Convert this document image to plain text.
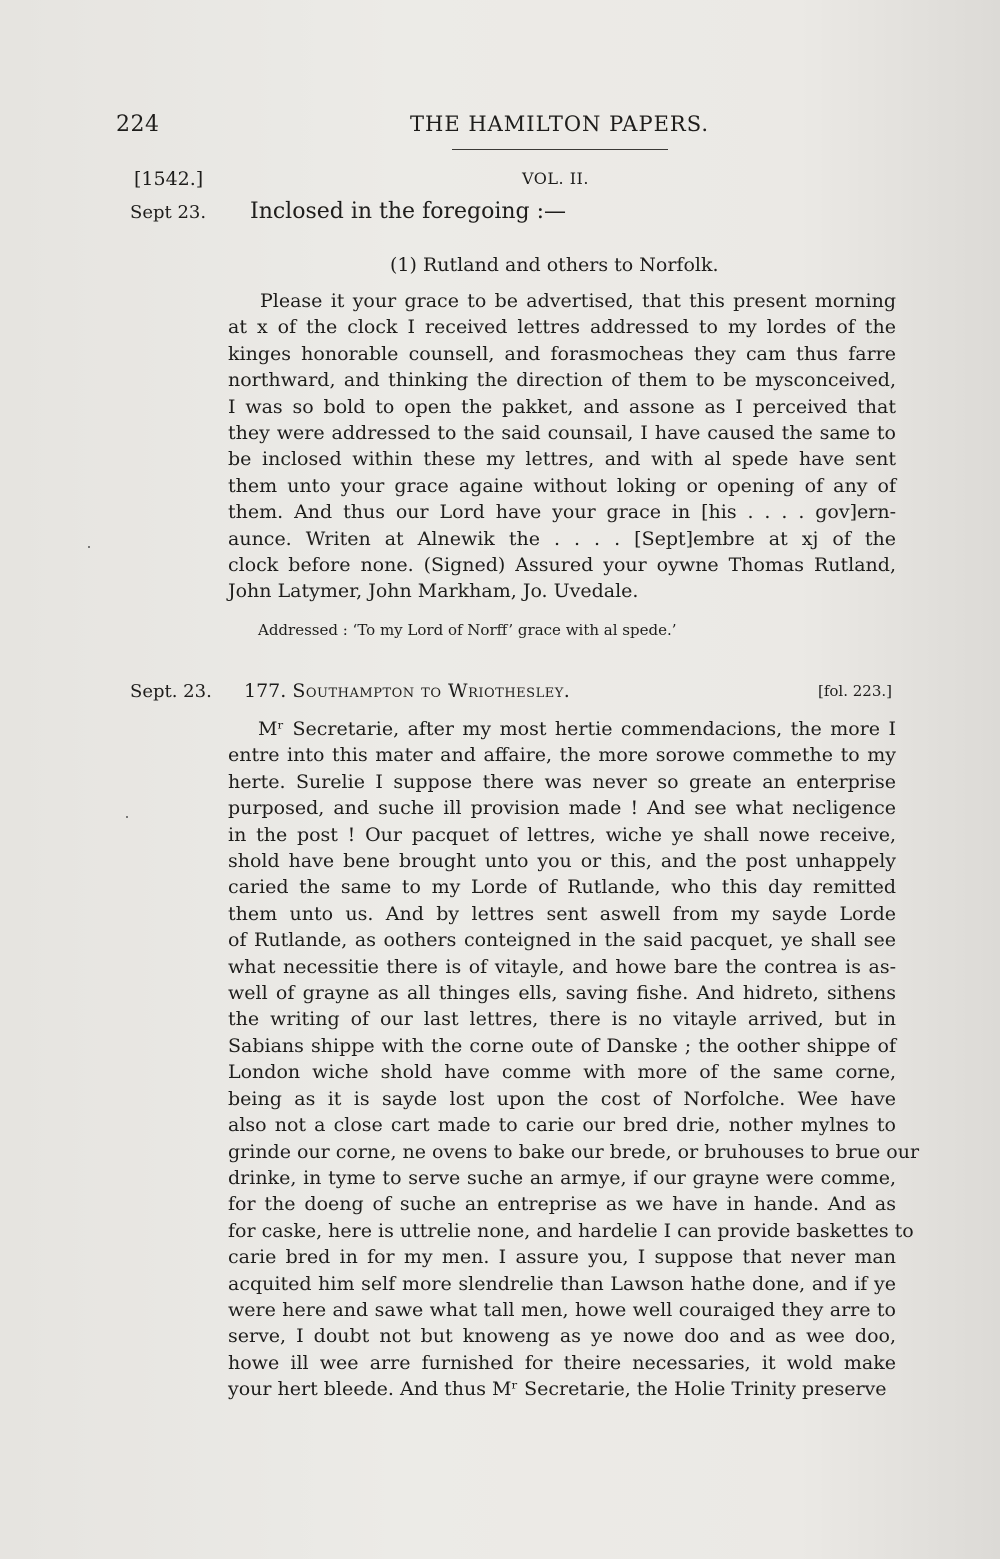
224	THE HAMILTON PAPERS.
[1542.]	VOL. II.
Sept 23. Inclosed in the foregoing :—
(1) Rutland and others to Norfolk.
Please it your grace to be advertised, that this present morning
at x of the clock I received lettres addressed to my lordes of the
kinges honorable counsell, and forasmocheas they cam thus farre
northward, and thinking the direction of them to be mysconceived,
I was so bold to open the pakket, and assone as I perceived that
they were addressed to the said counsail, I have caused the same to
be inclosed within these my lettres, and with al spede have sent
them unto your grace againe without loking or opening of any of
them. And thus our Lord have your grace in [his . . . . gov]ern-
aunce. Writen at Alnewik the . . . . [Sept]embre at xj of the
clock before none. (Signed) Assured your oywne Thomas Rutland,
John Latymer, John Markham, Jo. Uvedale.
Addressed : ‘To my Lord of Norff’ grace with al spede.’
Sept. 23. 177. Southampton to Wriothesley.	[fol. 223.]
Mʳ Secretarie, after my most hertie commendacions, the more I
entre into this mater and affaire, the more sorowe commethe to my
herte. Surelie I suppose there was never so greate an enterprise
purposed, and suche ill provision made ! And see what necligence
in the post ! Our pacquet of lettres, wiche ye shall nowe receive,
shold have bene brought unto you or this, and the post unhappely
caried the same to my Lorde of Rutlande, who this day remitted
them unto us. And by lettres sent aswell from my sayde Lorde
of Rutlande, as oothers conteigned in the said pacquet, ye shall see
what necessitie there is of vitayle, and howe bare the contrea is as-
well of grayne as all thinges ells, saving fishe. And hidreto, sithens
the writing of our last lettres, there is no vitayle arrived, but in
Sabians shippe with the corne oute of Danske ; the oother shippe of
London wiche shold have comme with more of the same corne,
being as it is sayde lost upon the cost of Norfolche. Wee have
also not a close cart made to carie our bred drie, nother mylnes to
grinde our corne, ne ovens to bake our brede, or bruhouses to brue our
drinke, in tyme to serve suche an armye, if our grayne were comme,
for the doeng of suche an entreprise as we have in hande. And as
for caske, here is uttrelie none, and hardelie I can provide baskettes to
carie bred in for my men. I assure you, I suppose that never man
acquited him self more slendrelie than Lawson hathe done, and if ye
were here and sawe what tall men, howe well couraiged they arre to
serve, I doubt not but knoweng as ye nowe doo and as wee doo,
howe ill wee arre furnished for theire necessaries, it wold make
your hert bleede. And thus Mʳ Secretarie, the Holie Trinity preserve
